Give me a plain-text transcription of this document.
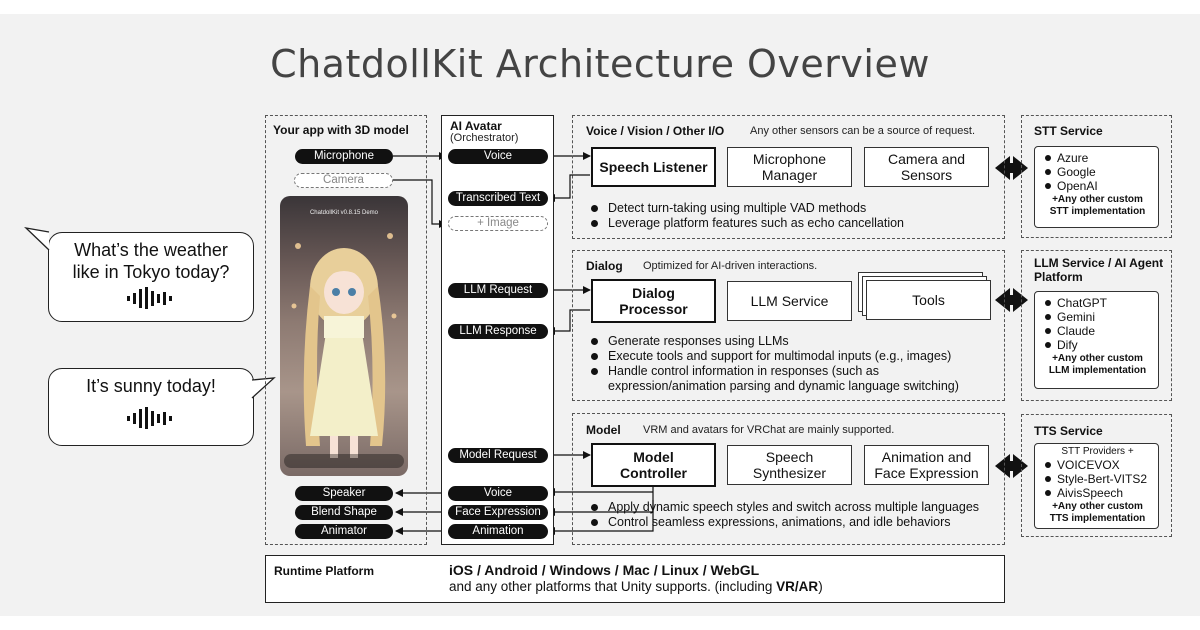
ChatdollKit Architecture Overview
What’s the weather like in Tokyo today?
It’s sunny today!
Your app with 3D model
Microphone
Camera
ChatdollKit v0.8.15 Demo
Speaker
Blend Shape
Animator
AI Avatar
(Orchestrator)
Voice
Transcribed Text
+ Image
LLM Request
LLM Response
Model Request
Voice
Face Expression
Animation
Voice / Vision / Other I/O Any other sensors can be a source of request.
Speech Listener	Microphone Manager
Camera and Sensors
Detect turn-taking using multiple VAD methods
Leverage platform features such as echo cancellation
Dialog Optimized for AI-driven interactions.
Dialog Processor	LLM Service	Tools
Generate responses using LLMs
Execute tools and support for multimodal inputs (e.g., images)
Handle control information in responses (such as expression/animation parsing and dynamic language switching)
Model VRM and avatars for VRChat are mainly supported.
Model Controller
Speech Synthesizer
Animation and Face Expression
Apply dynamic speech styles and switch across multiple languages
Control seamless expressions, animations, and idle behaviors
STT Service
Azure
Google
OpenAI
+Any other custom STT implementation
LLM Service / AI Agent Platform
ChatGPT
Gemini
Claude
Dify
+Any other custom LLM implementation
TTS Service
STT Providers +
VOICEVOX
Style-Bert-VITS2
AivisSpeech
+Any other custom TTS implementation
Runtime Platform	iOS / Android / Windows / Mac / Linux / WebGL
and any other platforms that Unity supports. (including VR/AR)
